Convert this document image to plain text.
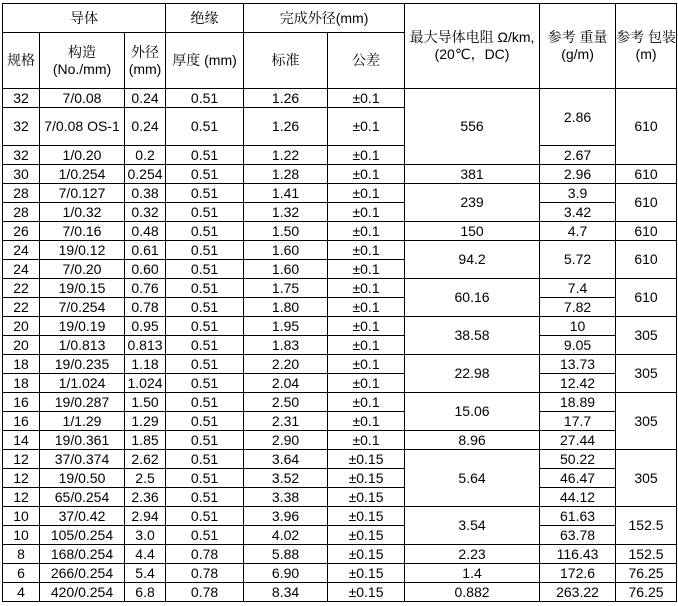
导体			绝缘	完成外径(mm)		最大导体电阻 Ω/km,(20℃，DC)	参考 重量 (g/m)	参考 包装 (m)
规格	构造 (No./mm)	外径 (mm)	厚度 (mm)	标准	公差			
32	7/0.08	0.24	0.51	1.26	±0.1	556	2.86	610
32	7/0.08 OS-1	0.24	0.51	1.26	±0.1			
32	1/0.20	0.2	0.51	1.22	±0.1		2.67	
30	1/0.254	0.254	0.51	1.28	±0.1	381	2.96	610
28	7/0.127	0.38	0.51	1.41	±0.1	239	3.9	610
28	1/0.32	0.32	0.51	1.32	±0.1		3.42	
26	7/0.16	0.48	0.51	1.50	±0.1	150	4.7	610
24	19/0.12	0.61	0.51	1.60	±0.1	94.2	5.72	610
24	7/0.20	0.60	0.51	1.60	±0.1			
22	19/0.15	0.76	0.51	1.75	±0.1	60.16	7.4	610
22	7/0.254	0.78	0.51	1.80	±0.1		7.82	
20	19/0.19	0.95	0.51	1.95	±0.1	38.58	10	305
20	1/0.813	0.813	0.51	1.83	±0.1		9.05	
18	19/0.235	1.18	0.51	2.20	±0.1	22.98	13.73	305
18	1/1.024	1.024	0.51	2.04	±0.1		12.42	
16	19/0.287	1.50	0.51	2.50	±0.1	15.06	18.89	305
16	1/1.29	1.29	0.51	2.31	±0.1		17.7	
14	19/0.361	1.85	0.51	2.90	±0.1	8.96	27.44	
12	37/0.374	2.62	0.51	3.64	±0.15	5.64	50.22	305
12	19/0.50	2.5	0.51	3.52	±0.15		46.47	
12	65/0.254	2.36	0.51	3.38	±0.15		44.12	
10	37/0.42	2.94	0.51	3.96	±0.15	3.54	61.63	152.5
10	105/0.254	3.0	0.51	4.02	±0.15		63.78	
8	168/0.254	4.4	0.78	5.88	±0.15	2.23	116.43	152.5
6	266/0.254	5.4	0.78	6.90	±0.15	1.4	172.6	76.25
4	420/0.254	6.8	0.78	8.34	±0.15	0.882	263.22	76.25
